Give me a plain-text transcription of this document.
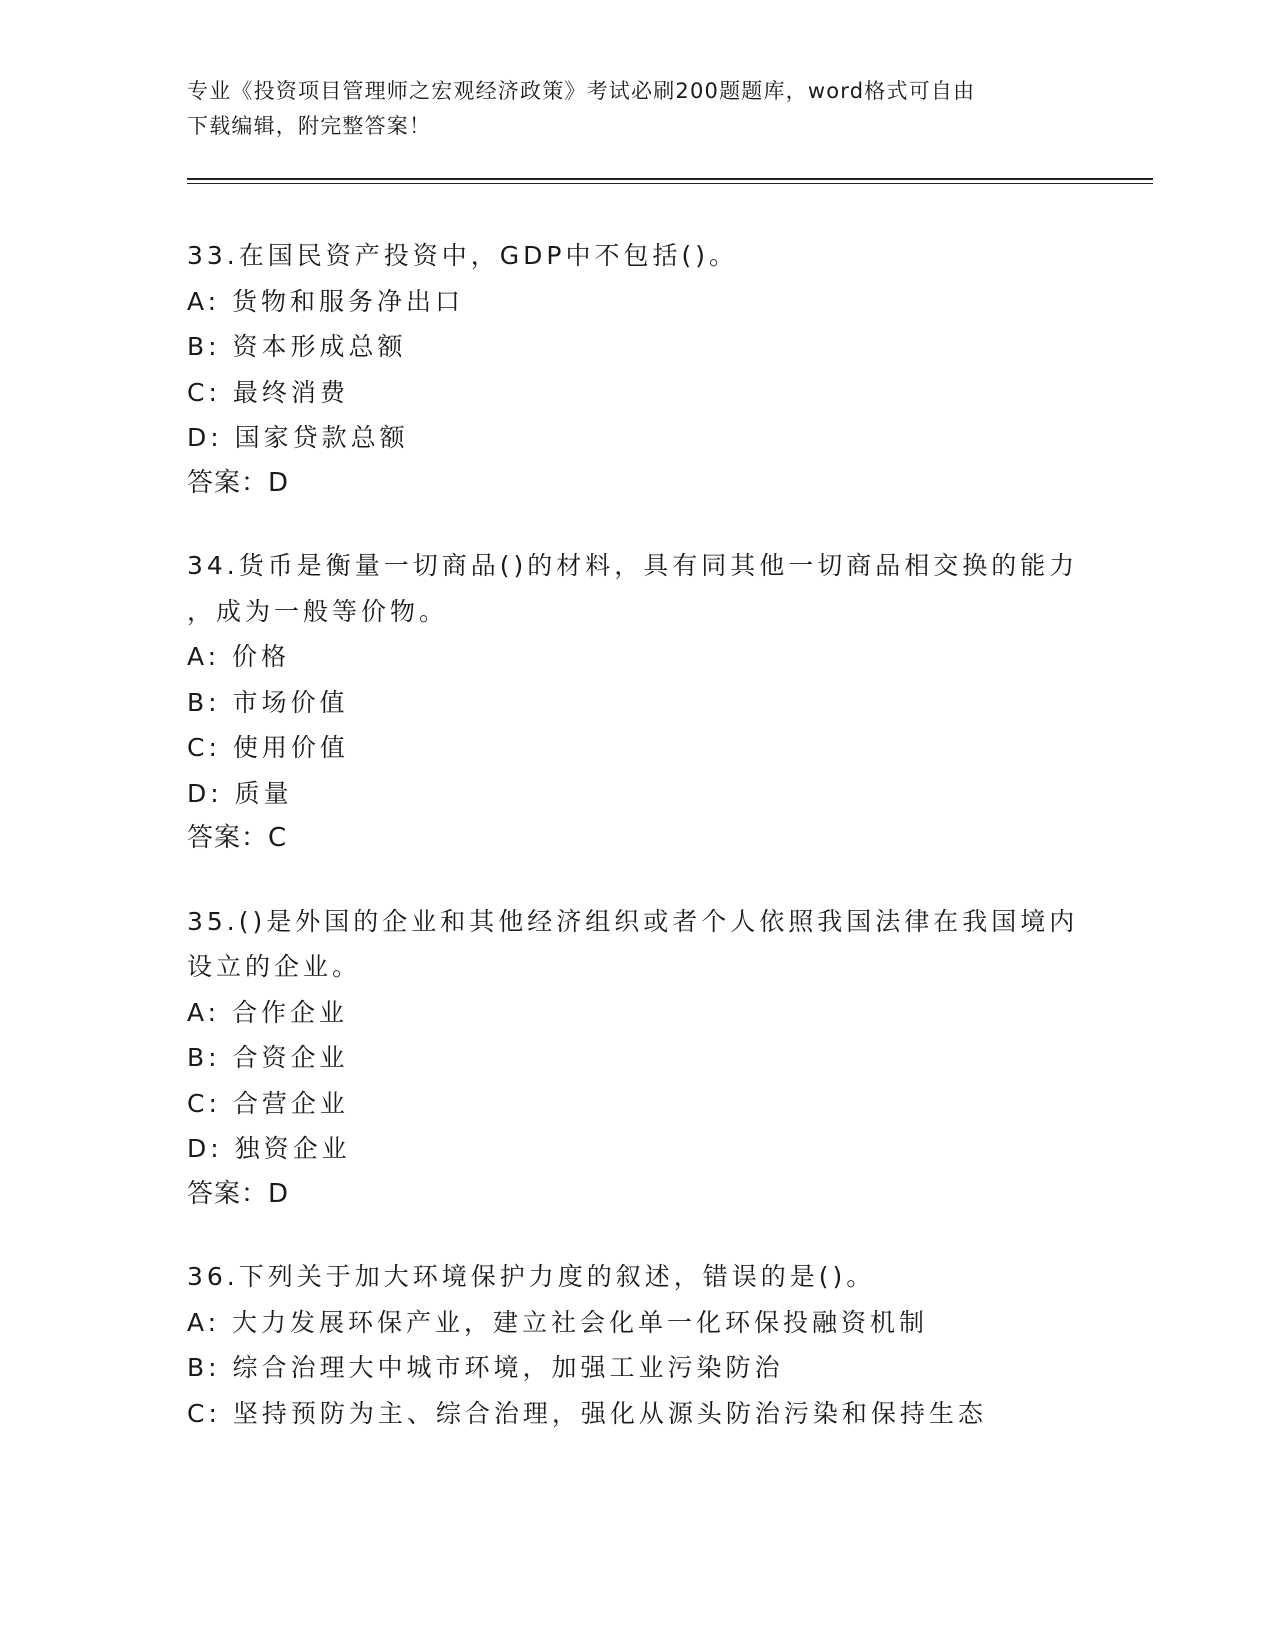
专业《投资项目管理师之宏观经济政策》考试必刷200题题库，word格式可自由
下载编辑，附完整答案！
33.在国民资产投资中，GDP中不包括()。
A: 货物和服务净出口
B: 资本形成总额
C: 最终消费
D: 国家贷款总额
答案：D
34.货币是衡量一切商品()的材料，具有同其他一切商品相交换的能力
，成为一般等价物。
A: 价格
B: 市场价值
C: 使用价值
D: 质量
答案：C
35.()是外国的企业和其他经济组织或者个人依照我国法律在我国境内
设立的企业。
A: 合作企业
B: 合资企业
C: 合营企业
D: 独资企业
答案：D
36.下列关于加大环境保护力度的叙述，错误的是()。
A: 大力发展环保产业，建立社会化单一化环保投融资机制
B: 综合治理大中城市环境，加强工业污染防治
C: 坚持预防为主、综合治理，强化从源头防治污染和保持生态
